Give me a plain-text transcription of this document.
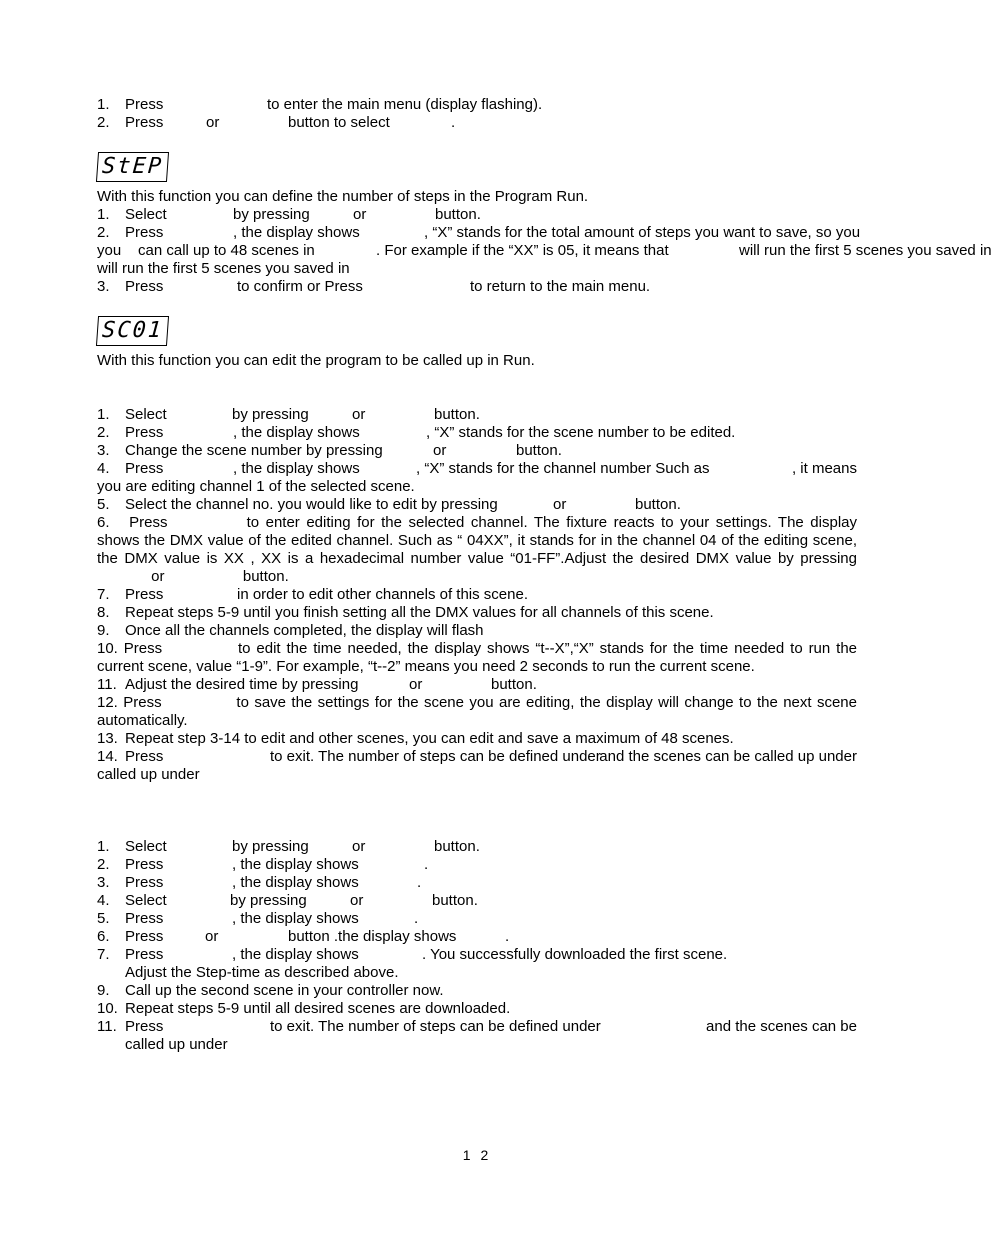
1. Press	to enter the main menu (display flashing).
2. Press	or	button to select	.
StEP
With this function you can define the number of steps in the Program Run.
1. Select	by pressing	or	button.
2. Press	, the display shows	, “X” stands for the total amount of steps you want to save, so you
you can call up to 48 scenes in	. For example if the “XX” is 05, it means that	will run the first 5 scenes you saved in
will run the first 5 scenes you saved in
3. Press	to confirm or Press	to return to the main menu.
SC01
With this function you can edit the program to be called up in Run.
1. Select	by pressing	or	button.
2. Press	, the display shows	, “X” stands for the scene number to be edited.
3. Change the scene number by pressing	or	button.
4. Press	, the display shows	, “X” stands for the channel number Such as	, it means
you are editing channel 1 of the selected scene.
5. Select the channel no. you would like to edit by pressing	or	button.
6. Press	to enter editing for the selected channel. The fixture reacts to your settings. The display shows the DMX value of the edited channel. Such as “ 04XX”, it stands for in the channel 04 of the editing scene, the DMX value is XX , XX is a hexadecimal number value “01-FF”.Adjust the desired DMX value by pressing  or	button.
7. Press	in order to edit other channels of this scene.
8. Repeat steps 5-9 until you finish setting all the DMX values for all channels of this scene.
9. Once all the channels completed, the display will flash
10. Press	to edit the time needed, the display shows “t--X”,“X” stands for the time needed to run the current scene, value “1-9”. For example, “t--2” means you need 2 seconds to run the current scene.
11. Adjust the desired time by pressing	or	button.
12. Press	to save the settings for the scene you are editing, the display will change to the next scene automatically.
13. Repeat step 3-14 to edit and other scenes, you can edit and save a maximum of 48 scenes.
14. Press	to exit. The number of steps can be defined under
and the scenes can be called up under
called up under
1. Select	by pressing	or	button.
2. Press	, the display shows	.
3. Press	, the display shows	.
4. Select	by pressing	or	button.
5. Press	, the display shows	.
6. Press	or	button .the display shows	.
7. Press	, the display shows	. You successfully downloaded the first scene.
Adjust the Step-time as described above.
9. Call up the second scene in your controller now.
10. Repeat steps 5-9 until all desired scenes are downloaded.
11. Press	to exit. The number of steps can be defined under	and the scenes can be
called up under
1 2
